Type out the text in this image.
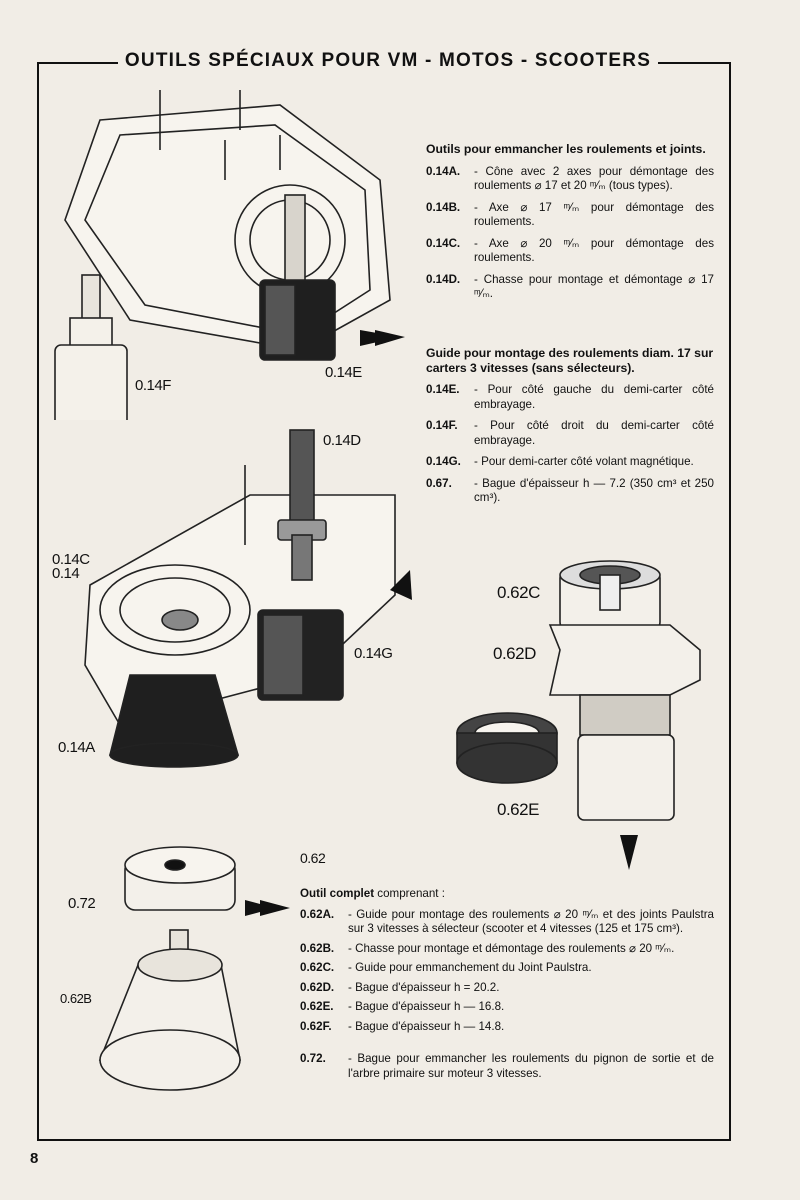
OUTILS SPÉCIAUX POUR VM - MOTOS - SCOOTERS
0.14F
0.14E
Outils pour emmancher les roulements et joints.
0.14A.	- Cône avec 2 axes pour démontage des roulements ⌀ 17 et 20 ᵐ⁄ₘ (tous types).
0.14B.	- Axe ⌀ 17 ᵐ⁄ₘ pour démontage des roulements.
0.14C.	- Axe ⌀ 20 ᵐ⁄ₘ pour démontage des roulements.
0.14D.	- Chasse pour montage et démontage ⌀ 17 ᵐ⁄ₘ.
Guide pour montage des roulements diam. 17 sur carters 3 vitesses (sans sélecteurs).
0.14E.	- Pour côté gauche du demi-carter côté embrayage.
0.14F.	- Pour côté droit du demi-carter côté embrayage.
0.14G.	- Pour demi-carter côté volant magnétique.
0.67.	- Bague d'épaisseur h — 7.2 (350 cm³ et 250 cm³).
0.14D
0.14C
0.14
0.14G
0.14A
0.62C
0.62D
0.62E
0.72
0.62B
0.62
Outil complet comprenant :
0.62A.	- Guide pour montage des roulements ⌀ 20 ᵐ⁄ₘ et des joints Paulstra sur 3 vitesses à sélecteur (scooter et 4 vitesses (125 et 175 cm³).
0.62B.	- Chasse pour montage et démontage des roulements ⌀ 20 ᵐ⁄ₘ.
0.62C.	- Guide pour emmanchement du Joint Paulstra.
0.62D.	- Bague d'épaisseur h = 20.2.
0.62E.	- Bague d'épaisseur h — 16.8.
0.62F.	- Bague d'épaisseur h — 14.8.
0.72.	- Bague pour emmancher les roulements du pignon de sortie et de l'arbre primaire sur moteur 3 vitesses.
8
